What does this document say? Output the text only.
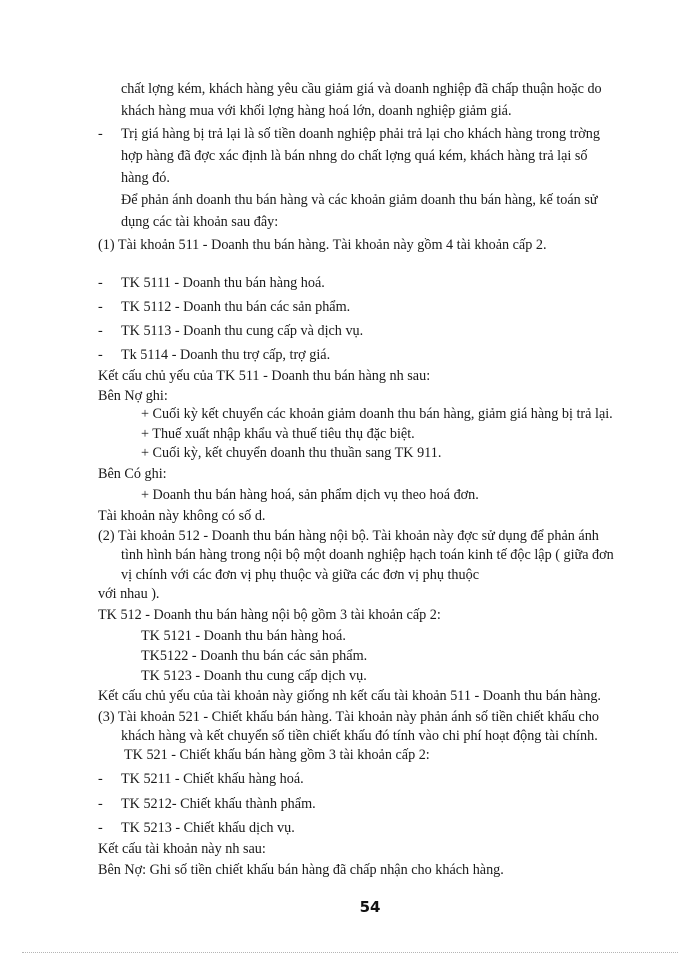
chất lợng kém, khách hàng yêu cầu giảm giá và doanh nghiệp đã chấp thuận hoặc do
khách hàng mua với khối lợng hàng hoá lớn, doanh nghiệp giảm giá.
- Trị giá hàng bị trả lại là số tiền doanh nghiệp phải trả lại cho khách hàng trong trờng
hợp hàng đã đợc xác định là bán nhng do chất lợng quá kém, khách hàng trả lại số
hàng đó.
Để phản ánh doanh thu bán hàng và các khoản giảm doanh thu bán hàng, kế toán sử
dụng các tài khoản sau đây:
(1) Tài khoản 511 - Doanh thu bán hàng. Tài khoản này gồm 4 tài khoản cấp 2.
- TK 5111 - Doanh thu bán hàng hoá.
- TK 5112 - Doanh thu bán các sản phẩm.
- TK 5113 - Doanh thu cung cấp và dịch vụ.
- Tk 5114 - Doanh thu trợ cấp, trợ giá.
Kết cấu chủ yếu của TK 511 - Doanh thu bán hàng nh sau:
Bên Nợ ghi:
+ Cuối kỳ kết chuyển các khoản giảm doanh thu bán hàng, giảm giá hàng bị trả lại.
+ Thuế xuất nhập khẩu và thuế tiêu thụ đặc biệt.
+ Cuối kỳ, kết chuyển doanh thu thuần sang TK 911.
Bên Có ghi:
+ Doanh thu bán hàng hoá, sản phẩm dịch vụ theo hoá đơn.
Tài khoản này không có số d.
(2) Tài khoản 512 - Doanh thu bán hàng nội bộ. Tài khoản này đợc sử dụng để phản ánh
tình hình bán hàng trong nội bộ một doanh nghiệp hạch toán kinh tế độc lập ( giữa đơn
vị chính với các đơn vị phụ thuộc và giữa các đơn vị phụ thuộc
với nhau ).
TK 512 - Doanh thu bán hàng nội bộ gồm 3 tài khoản cấp 2:
TK 5121 - Doanh thu bán hàng hoá.
TK5122 - Doanh thu bán các sản phẩm.
TK 5123 - Doanh thu cung cấp dịch vụ.
Kết cấu chủ yếu của tài khoản này giống nh kết cấu tài khoản 511 - Doanh thu bán hàng.
(3) Tài khoản 521 - Chiết khấu bán hàng. Tài khoản này phản ánh số tiền chiết khấu cho
khách hàng và kết chuyển số tiền chiết khấu đó tính vào chi phí hoạt động tài chính.
TK 521 - Chiết khấu bán hàng gồm 3 tài khoản cấp 2:
- TK 5211 - Chiết khấu hàng hoá.
- TK 5212- Chiết khấu thành phẩm.
- TK 5213 - Chiết khấu dịch vụ.
Kết cấu tài khoản này nh sau:
Bên Nợ: Ghi số tiền chiết khấu bán hàng đã chấp nhận cho khách hàng.
54
